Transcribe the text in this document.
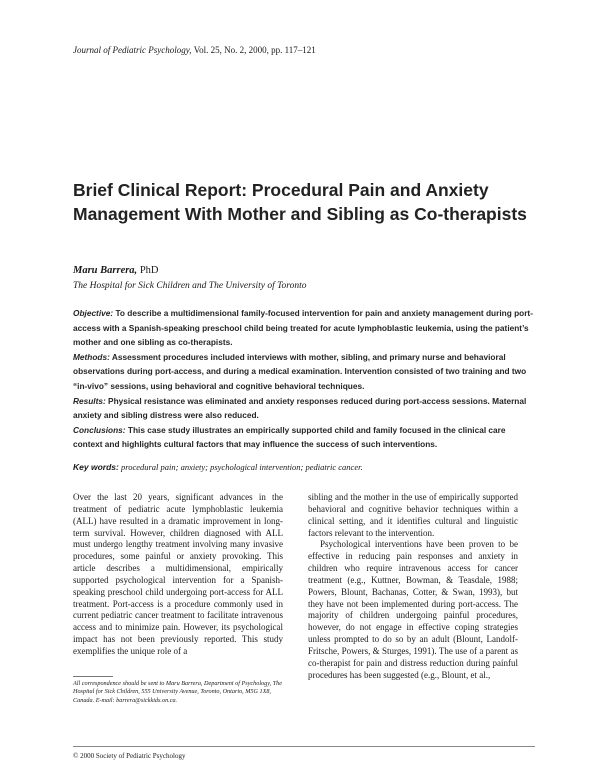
Journal of Pediatric Psychology, Vol. 25, No. 2, 2000, pp. 117–121
Brief Clinical Report: Procedural Pain and Anxiety Management With Mother and Sibling as Co-therapists
Maru Barrera, PhD
The Hospital for Sick Children and The University of Toronto

Objective: To describe a multidimensional family-focused intervention for pain and anxiety management during port-access with a Spanish-speaking preschool child being treated for acute lymphoblastic leukemia, using the patient’s mother and one sibling as co-therapists.

Methods: Assessment procedures included interviews with mother, sibling, and primary nurse and behavioral observations during port-access, and during a medical examination. Intervention consisted of two training and two “in-vivo” sessions, using behavioral and cognitive behavioral techniques.

Results: Physical resistance was eliminated and anxiety responses reduced during port-access sessions. Maternal anxiety and sibling distress were also reduced.

Conclusions: This case study illustrates an empirically supported child and family focused in the clinical care context and highlights cultural factors that may influence the success of such interventions.

Key words: procedural pain; anxiety; psychological intervention; pediatric cancer.

Over the last 20 years, significant advances in the treatment of pediatric acute lymphoblastic leukemia (ALL) have resulted in a dramatic improvement in long-term survival. However, children diagnosed with ALL must undergo lengthy treatment involving many invasive procedures, some painful or anxiety provoking. This article describes a multidimensional, empirically supported psychological intervention for a Spanish-speaking preschool child undergoing port-access for ALL treatment. Port-access is a procedure commonly used in current pediatric cancer treatment to facilitate intravenous access and to minimize pain. However, its psychological impact has not been previously reported. This study exemplifies the unique role of a

sibling and the mother in the use of empirically supported behavioral and cognitive behavior techniques within a clinical setting, and it identifies cultural and linguistic factors relevant to the intervention.

Psychological interventions have been proven to be effective in reducing pain responses and anxiety in children who require intravenous access for cancer treatment (e.g., Kuttner, Bowman, & Teasdale, 1988; Powers, Blount, Bachanas, Cotter, & Swan, 1993), but they have not been implemented during port-access. The majority of children undergoing painful procedures, however, do not engage in effective coping strategies unless prompted to do so by an adult (Blount, Landolf-Fritsche, Powers, & Sturges, 1991). The use of a parent as co-therapist for pain and distress reduction during painful procedures has been suggested (e.g., Blount, et al.,

All correspondence should be sent to Maru Barrera, Department of Psychology, The Hospital for Sick Children, 555 University Avenue, Toronto, Ontario, M5G 1X8, Canada. E-mail: barrera@sickkids.on.ca.
© 2000 Society of Pediatric Psychology
